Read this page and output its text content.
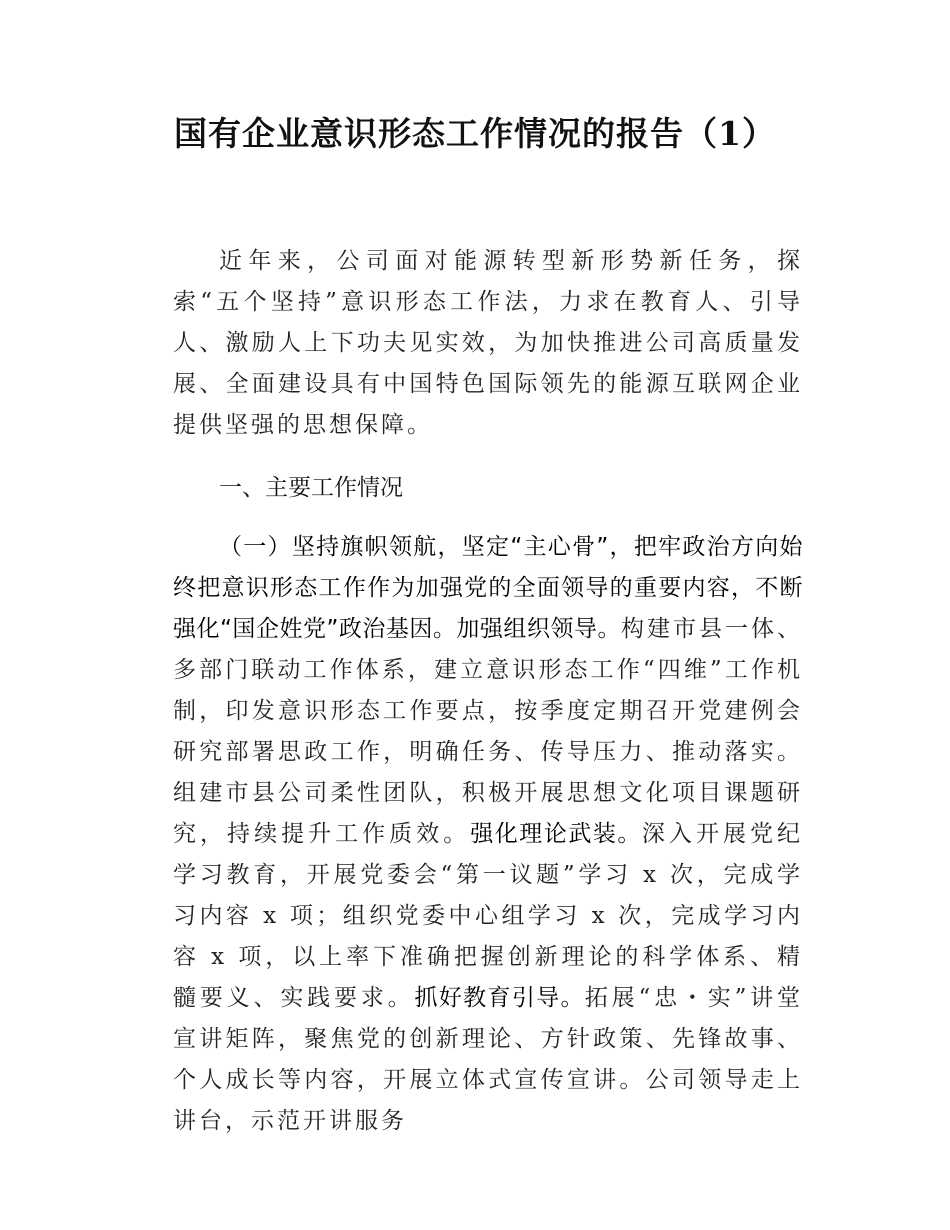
国有企业意识形态工作情况的报告（1）

近年来，公司面对能源转型新形势新任务，探索“五个坚持”意识形态工作法，力求在教育人、引导人、激励人上下功夫见实效，为加快推进公司高质量发展、全面建设具有中国特色国际领先的能源互联网企业提供坚强的思想保障。

一、主要工作情况

（一）坚持旗帜领航，坚定“主心骨”，把牢政治方向始终把意识形态工作作为加强党的全面领导的重要内容，不断强化“国企姓党”政治基因。加强组织领导。构建市县一体、多部门联动工作体系，建立意识形态工作“四维”工作机制，印发意识形态工作要点，按季度定期召开党建例会研究部署思政工作，明确任务、传导压力、推动落实。组建市县公司柔性团队，积极开展思想文化项目课题研究，持续提升工作质效。强化理论武装。深入开展党纪学习教育，开展党委会“第一议题”学习 x 次，完成学习内容 x 项；组织党委中心组学习 x 次，完成学习内容 x 项，以上率下准确把握创新理论的科学体系、精髓要义、实践要求。抓好教育引导。拓展“忠・实”讲堂宣讲矩阵，聚焦党的创新理论、方针政策、先锋故事、个人成长等内容，开展立体式宣传宣讲。公司领导走上讲台，示范开讲服务
